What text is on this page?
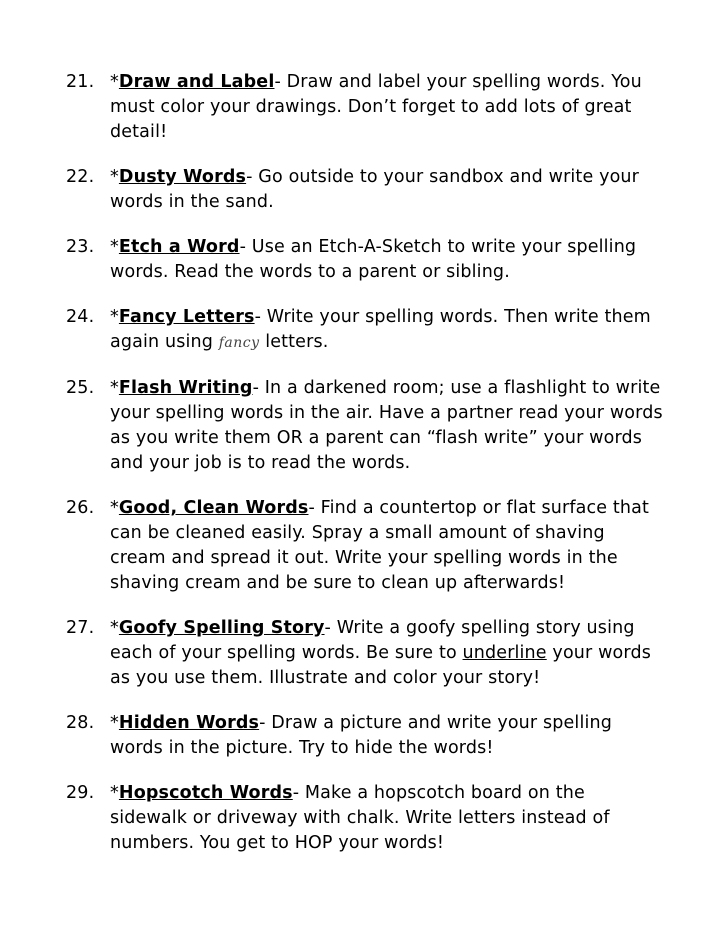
21. *Draw and Label- Draw and label your spelling words. You must color your drawings. Don’t forget to add lots of great detail!
22. *Dusty Words- Go outside to your sandbox and write your words in the sand.
23. *Etch a Word- Use an Etch-A-Sketch to write your spelling words. Read the words to a parent or sibling.
24. *Fancy Letters- Write your spelling words. Then write them again using fancy letters.
25. *Flash Writing- In a darkened room; use a flashlight to write your spelling words in the air. Have a partner read your words as you write them OR a parent can “flash write” your words and your job is to read the words.
26. *Good, Clean Words- Find a countertop or flat surface that can be cleaned easily. Spray a small amount of shaving cream and spread it out. Write your spelling words in the shaving cream and be sure to clean up afterwards!
27. *Goofy Spelling Story- Write a goofy spelling story using each of your spelling words. Be sure to underline your words as you use them. Illustrate and color your story!
28. *Hidden Words- Draw a picture and write your spelling words in the picture. Try to hide the words!
29. *Hopscotch Words- Make a hopscotch board on the sidewalk or driveway with chalk. Write letters instead of numbers. You get to HOP your words!
